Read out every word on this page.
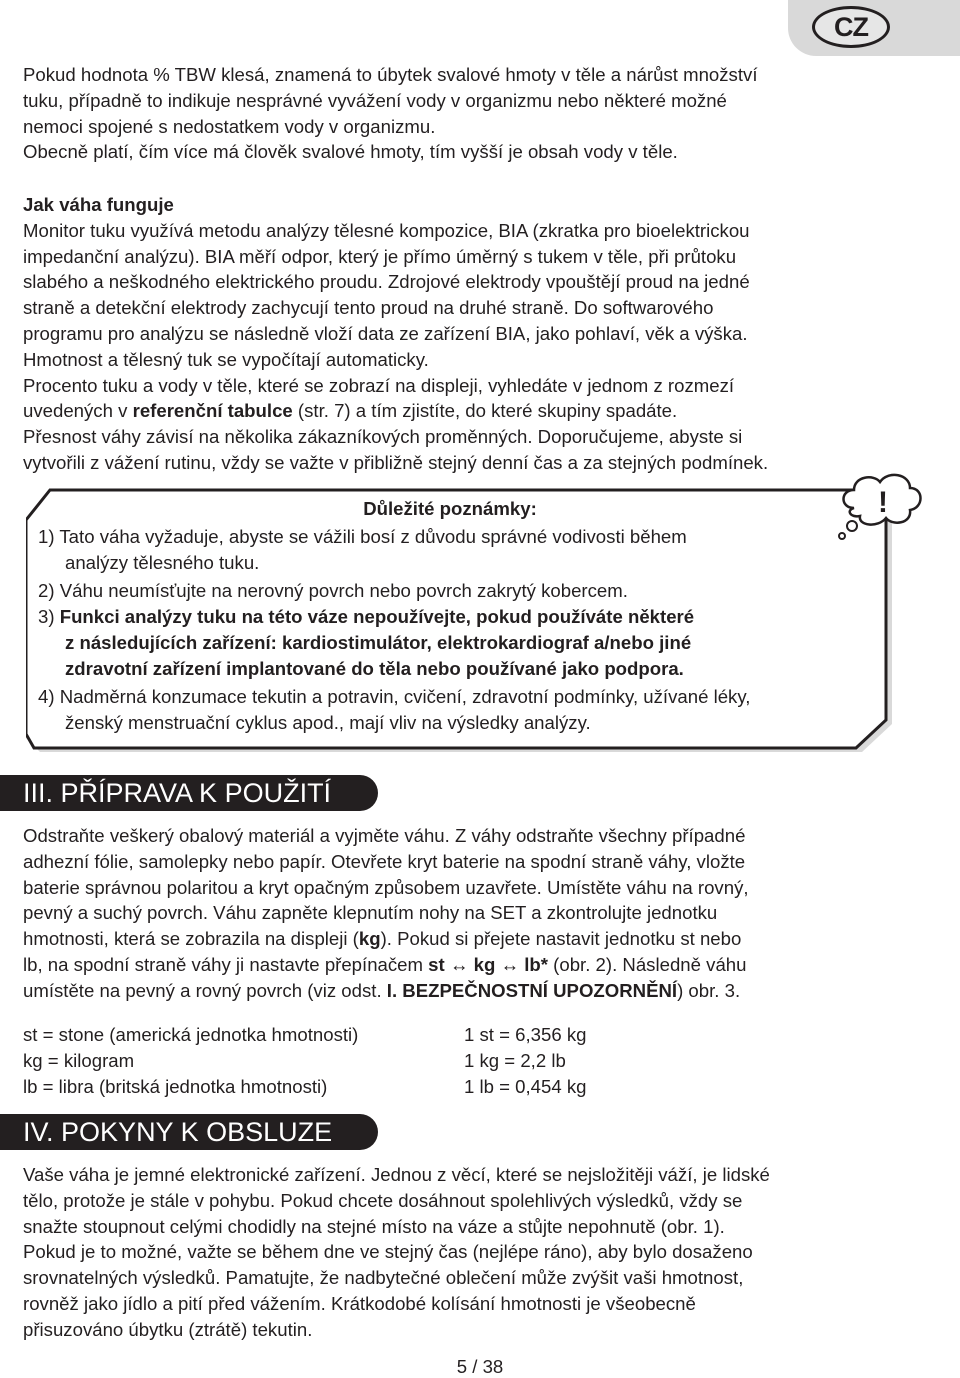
CZ

Pokud hodnota % TBW klesá, znamená to úbytek svalové hmoty v těle a nárůst množství
tuku, případně to indikuje nesprávné vyvážení vody v organizmu nebo některé možné
nemoci spojené s nedostatkem vody v organizmu.
Obecně platí, čím více má člověk svalové hmoty, tím vyšší je obsah vody v těle.

Jak váha funguje
Monitor tuku využívá metodu analýzy tělesné kompozice, BIA (zkratka pro bioelektrickou
impedanční analýzu). BIA měří odpor, který je přímo úměrný s tukem v těle, při průtoku
slabého a neškodného elektrického proudu. Zdrojové elektrody vpouštějí proud na jedné
straně a detekční elektrody zachycují tento proud na druhé straně. Do softwarového
programu pro analýzu se následně vloží data ze zařízení BIA, jako pohlaví, věk a výška.
Hmotnost a tělesný tuk se vypočítají automaticky.
Procento tuku a vody v těle, které se zobrazí na displeji, vyhledáte v jednom z rozmezí
uvedených v referenční tabulce (str. 7) a tím zjistíte, do které skupiny spadáte.
Přesnost váhy závisí na několika zákazníkových proměnných. Doporučujeme, abyste si
vytvořili z vážení rutinu, vždy se važte v přibližně stejný denní čas a za stejných podmínek.
!
Důležité poznámky:
1) Tato váha vyžaduje, abyste se vážili bosí z důvodu správné vodivosti během
analýzy tělesného tuku.
2) Váhu neumísťujte na nerovný povrch nebo povrch zakrytý kobercem.
3) Funkci analýzy tuku na této váze nepoužívejte, pokud používáte některé
z následujících zařízení: kardiostimulátor, elektrokardiograf a/nebo jiné
zdravotní zařízení implantované do těla nebo používané jako podpora.
4) Nadměrná konzumace tekutin a potravin, cvičení, zdravotní podmínky, užívané léky,
ženský menstruační cyklus apod., mají vliv na výsledky analýzy.
III. PŘÍPRAVA K POUŽITÍ
Odstraňte veškerý obalový materiál a vyjměte váhu. Z váhy odstraňte všechny případné
adhezní fólie, samolepky nebo papír. Otevřete kryt baterie na spodní straně váhy, vložte
baterie správnou polaritou a kryt opačným způsobem uzavřete. Umístěte váhu na rovný,
pevný a suchý povrch. Váhu zapněte klepnutím nohy na SET a zkontrolujte jednotku
hmotnosti, která se zobrazila na displeji (kg). Pokud si přejete nastavit jednotku st nebo
lb, na spodní straně váhy ji nastavte přepínačem st ↔ kg ↔ lb* (obr. 2). Následně váhu
umístěte na pevný a rovný povrch (viz odst. I. BEZPEČNOSTNÍ UPOZORNĚNÍ) obr. 3.
st = stone (americká jednotka hmotnosti)
kg = kilogram
lb = libra (britská jednotka hmotnosti)
1 st = 6,356 kg
1 kg = 2,2 lb
1 lb = 0,454 kg
IV. POKYNY K OBSLUZE
Vaše váha je jemné elektronické zařízení. Jednou z věcí, které se nejsložitěji váží, je lidské
tělo, protože je stále v pohybu. Pokud chcete dosáhnout spolehlivých výsledků, vždy se
snažte stoupnout celými chodidly na stejné místo na váze a stůjte nepohnutě (obr. 1).
Pokud je to možné, važte se během dne ve stejný čas (nejlépe ráno), aby bylo dosaženo
srovnatelných výsledků. Pamatujte, že nadbytečné oblečení může zvýšit vaši hmotnost,
rovněž jako jídlo a pití před vážením. Krátkodobé kolísání hmotnosti je všeobecně
přisuzováno úbytku (ztrátě) tekutin.
5 / 38
